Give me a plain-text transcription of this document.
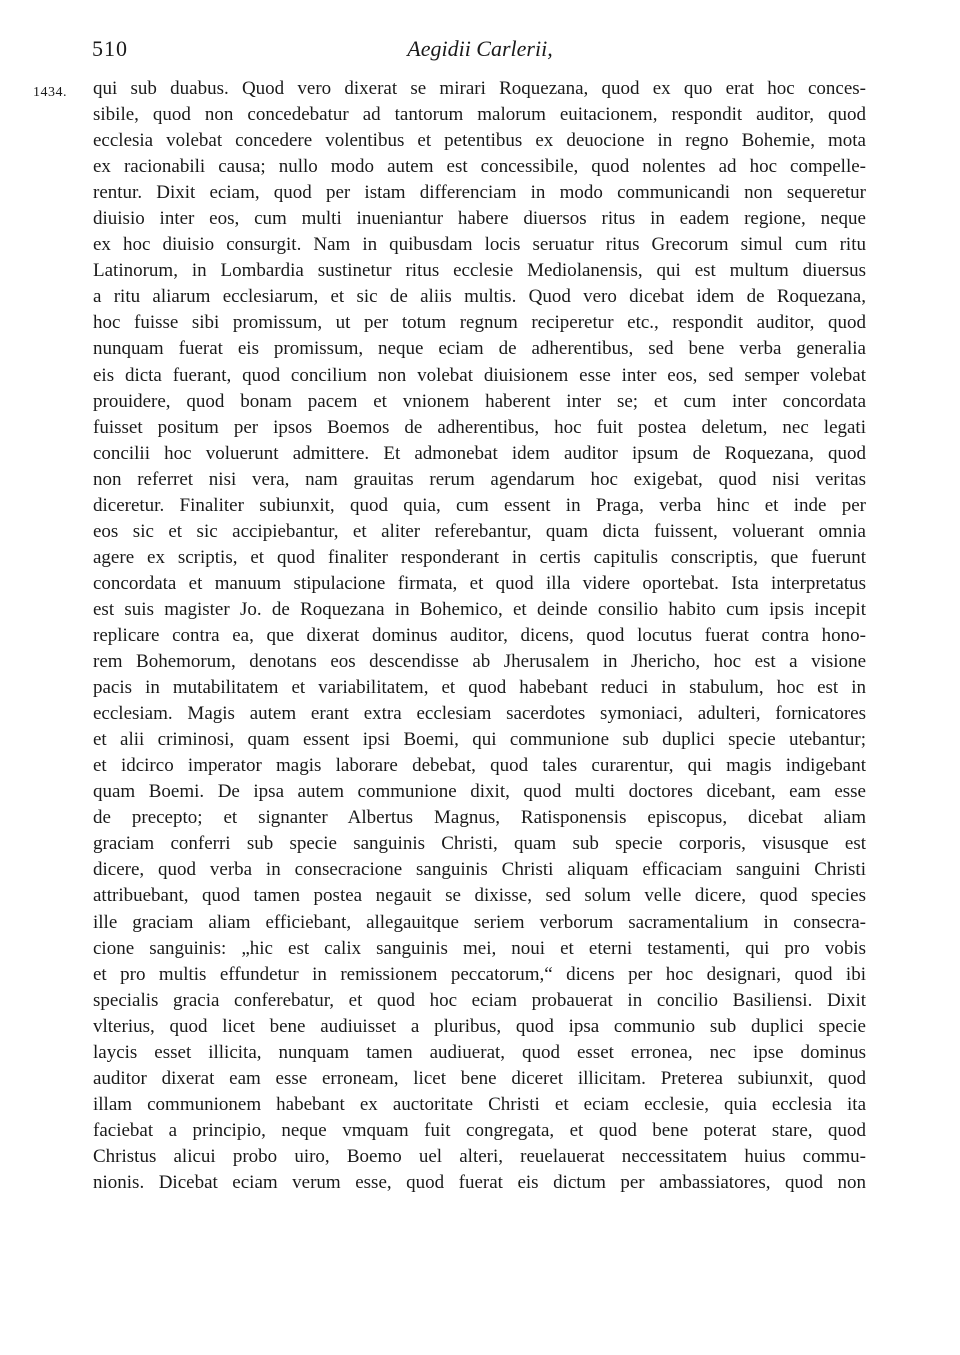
510	Aegidii Carlerii,
1434. qui sub duabus. Quod vero dixerat se mirari Roquezana, quod ex quo erat hoc conces-
sibile, quod non concedebatur ad tantorum malorum euitacionem, respondit auditor, quod
ecclesia volebat concedere volentibus et petentibus ex deuocione in regno Bohemie, mota
ex racionabili causa; nullo modo autem est concessibile, quod nolentes ad hoc compelle-
rentur. Dixit eciam, quod per istam differenciam in modo communicandi non sequeretur
diuisio inter eos, cum multi inueniantur habere diuersos ritus in eadem regione, neque
ex hoc diuisio consurgit. Nam in quibusdam locis seruatur ritus Grecorum simul cum ritu
Latinorum, in Lombardia sustinetur ritus ecclesie Mediolanensis, qui est multum diuersus
a ritu aliarum ecclesiarum, et sic de aliis multis. Quod vero dicebat idem de Roquezana,
hoc fuisse sibi promissum, ut per totum regnum reciperetur etc., respondit auditor, quod
nunquam fuerat eis promissum, neque eciam de adherentibus, sed bene verba generalia
eis dicta fuerant, quod concilium non volebat diuisionem esse inter eos, sed semper volebat
prouidere, quod bonam pacem et vnionem haberent inter se; et cum inter concordata
fuisset positum per ipsos Boemos de adherentibus, hoc fuit postea deletum, nec legati
concilii hoc voluerunt admittere. Et admonebat idem auditor ipsum de Roquezana, quod
non referret nisi vera, nam grauitas rerum agendarum hoc exigebat, quod nisi veritas
diceretur. Finaliter subiunxit, quod quia, cum essent in Praga, verba hinc et inde per
eos sic et sic accipiebantur, et aliter referebantur, quam dicta fuissent, voluerant omnia
agere ex scriptis, et quod finaliter responderant in certis capitulis conscriptis, que fuerunt
concordata et manuum stipulacione firmata, et quod illa videre oportebat. Ista interpretatus
est suis magister Jo. de Roquezana in Bohemico, et deinde consilio habito cum ipsis incepit
replicare contra ea, que dixerat dominus auditor, dicens, quod locutus fuerat contra hono-
rem Bohemorum, denotans eos descendisse ab Jherusalem in Jhericho, hoc est a visione
pacis in mutabilitatem et variabilitatem, et quod habebant reduci in stabulum, hoc est in
ecclesiam. Magis autem erant extra ecclesiam sacerdotes symoniaci, adulteri, fornicatores
et alii criminosi, quam essent ipsi Boemi, qui communione sub duplici specie utebantur;
et idcirco imperator magis laborare debebat, quod tales curarentur, qui magis indigebant
quam Boemi. De ipsa autem communione dixit, quod multi doctores dicebant, eam esse
de precepto; et signanter Albertus Magnus, Ratisponensis episcopus, dicebat aliam
graciam conferri sub specie sanguinis Christi, quam sub specie corporis, visusque est
dicere, quod verba in consecracione sanguinis Christi aliquam efficaciam sanguini Christi
attribuebant, quod tamen postea negauit se dixisse, sed solum velle dicere, quod species
ille graciam aliam efficiebant, allegauitque seriem verborum sacramentalium in consecra-
cione sanguinis: „hic est calix sanguinis mei, noui et eterni testamenti, qui pro vobis
et pro multis effundetur in remissionem peccatorum,“ dicens per hoc designari, quod ibi
specialis gracia conferebatur, et quod hoc eciam probauerat in concilio Basiliensi. Dixit
vlterius, quod licet bene audiuisset a pluribus, quod ipsa communio sub duplici specie
laycis esset illicita, nunquam tamen audiuerat, quod esset erronea, nec ipse dominus
auditor dixerat eam esse erroneam, licet bene diceret illicitam. Preterea subiunxit, quod
illam communionem habebant ex auctoritate Christi et eciam ecclesie, quia ecclesia ita
faciebat a principio, neque vmquam fuit congregata, et quod bene poterat stare, quod
Christus alicui probo uiro, Boemo uel alteri, reuelauerat neccessitatem huius commu-
nionis. Dicebat eciam verum esse, quod fuerat eis dictum per ambassiatores, quod non
